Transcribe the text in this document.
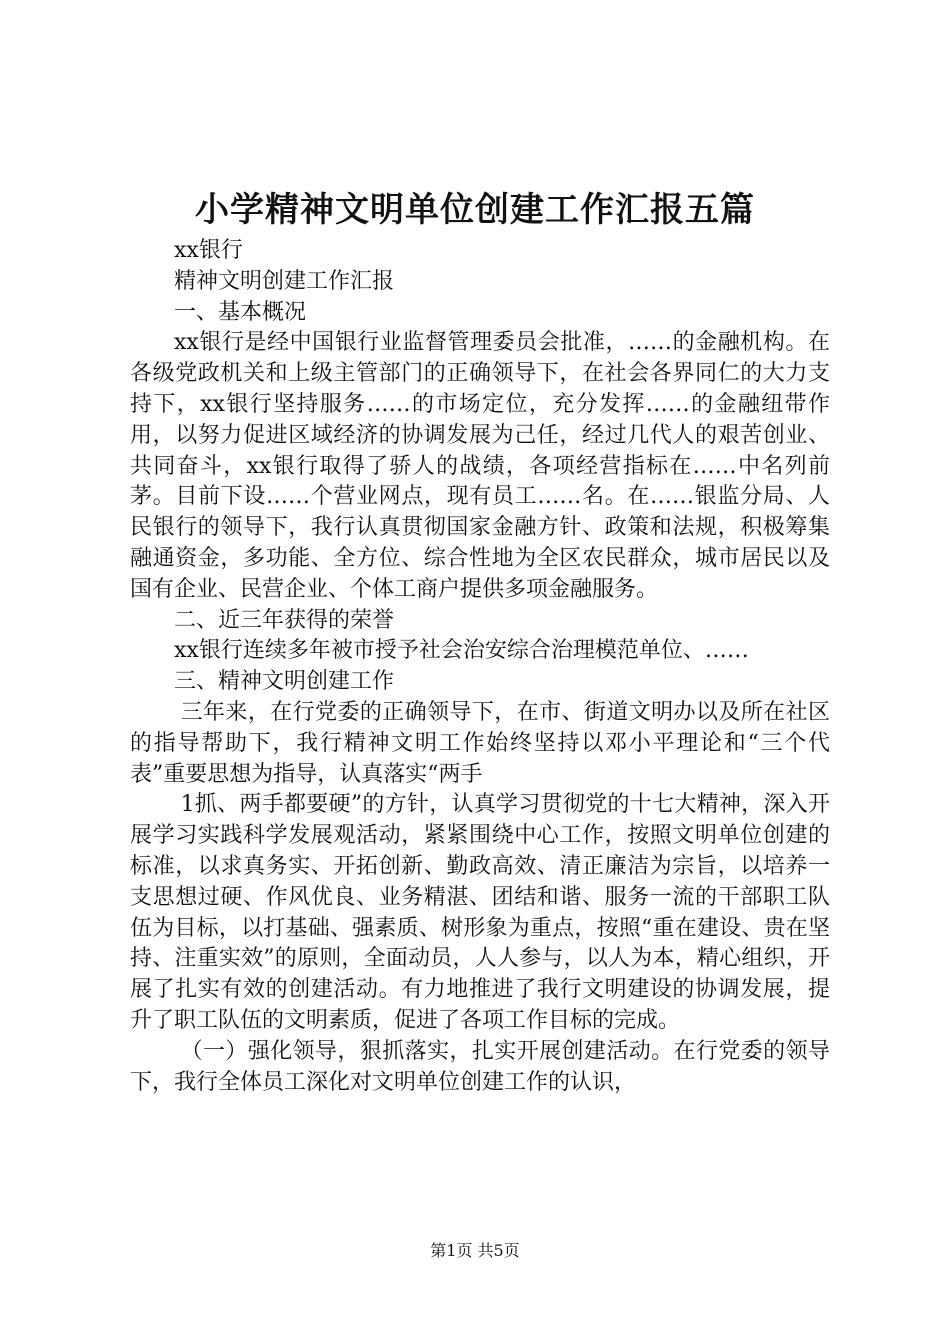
小学精神文明单位创建工作汇报五篇

xx银行

精神文明创建工作汇报

一、基本概况

xx银行是经中国银行业监督管理委员会批准，……的金融机构。在各级党政机关和上级主管部门的正确领导下，在社会各界同仁的大力支持下，xx银行坚持服务……的市场定位，充分发挥……的金融纽带作用，以努力促进区域经济的协调发展为己任，经过几代人的艰苦创业、共同奋斗，xx银行取得了骄人的战绩，各项经营指标在……中名列前茅。目前下设……个营业网点，现有员工……名。在……银监分局、人民银行的领导下，我行认真贯彻国家金融方针、政策和法规，积极筹集融通资金，多功能、全方位、综合性地为全区农民群众，城市居民以及国有企业、民营企业、个体工商户提供多项金融服务。

二、近三年获得的荣誉

xx银行连续多年被市授予社会治安综合治理模范单位、……

三、精神文明创建工作

三年来，在行党委的正确领导下，在市、街道文明办以及所在社区的指导帮助下，我行精神文明工作始终坚持以邓小平理论和“三个代表”重要思想为指导，认真落实“两手

1抓、两手都要硬”的方针，认真学习贯彻党的十七大精神，深入开展学习实践科学发展观活动，紧紧围绕中心工作，按照文明单位创建的标准，以求真务实、开拓创新、勤政高效、清正廉洁为宗旨，以培养一支思想过硬、作风优良、业务精湛、团结和谐、服务一流的干部职工队伍为目标，以打基础、强素质、树形象为重点，按照“重在建设、贵在坚持、注重实效”的原则，全面动员，人人参与，以人为本，精心组织，开展了扎实有效的创建活动。有力地推进了我行文明建设的协调发展，提升了职工队伍的文明素质，促进了各项工作目标的完成。

（一）强化领导，狠抓落实，扎实开展创建活动。在行党委的领导下，我行全体员工深化对文明单位创建工作的认识，

第1页 共5页
